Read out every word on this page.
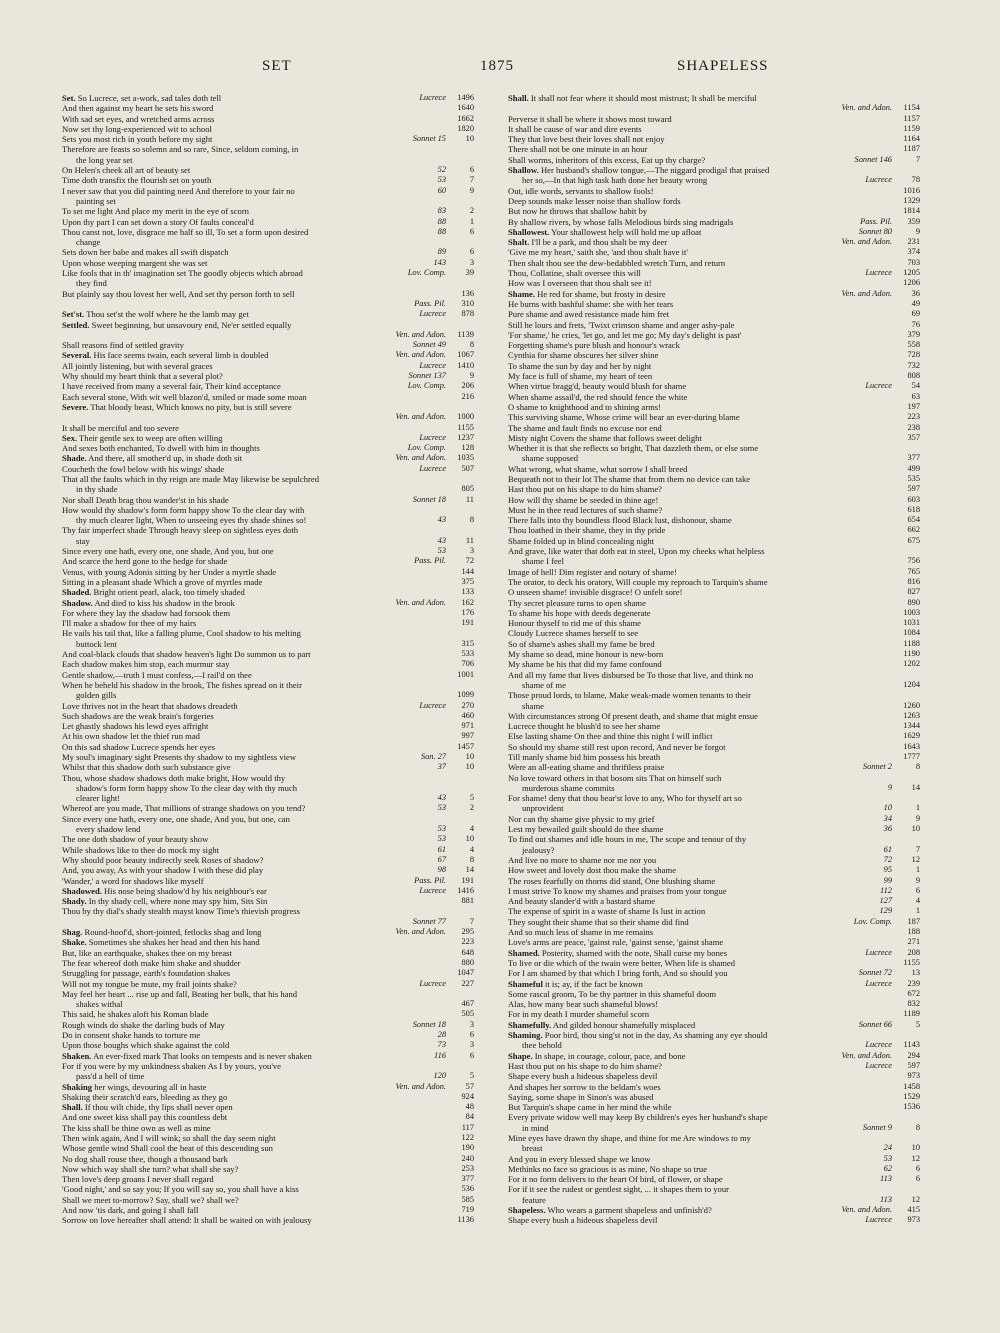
SET	1875	SHAPELESS
Set. So Lucrece, set a-work, sad tales doth tell	Lucrece	1496
And then against my heart he sets his sword	1640
With sad set eyes, and wretched arms across	1662
Now set thy long-experienced wit to school	1820
Sets you most rich in youth before my sight	Sonnet 15	10
Therefore are feasts so solemn and so rare, Since, seldom coming, in
the long year set
On Helen's cheek all art of beauty set	52	6
Time doth transfix the flourish set on youth	53	7
I never saw that you did painting need And therefore to your fair no	60	9
painting set
To set me light And place my merit in the eye of scorn	83	2
Upon thy part I can set down a story Of faults conceal'd	88	1
Thou canst not, love, disgrace me half so ill, To set a form upon desired	88	6
change
Sets down her babe and makes all swift dispatch	89	6
Upon whose weeping margent she was set	143	3
Like fools that in th' imagination set The goodly objects which abroad	Lov. Comp.	39
they find
But plainly say thou lovest her well, And set thy person forth to sell	136
Pass. Pil.	310
Set'st. Thou set'st the wolf where he the lamb may get	Lucrece	878
Settled. Sweet beginning, but unsavoury end, Ne'er settled equally
Ven. and Adon.	1139
Shall reasons find of settled gravity	Sonnet 49	8
Several. His face seems twain, each several limb is doubled	Ven. and Adon.	1067
All jointly listening, but with several graces	Lucrece	1410
Why should my heart think that a several plot?	Sonnet 137	9
I have received from many a several fair, Their kind acceptance	Lov. Comp.	206
Each several stone, With wit well blazon'd, smiled or made some moan	216
Severe. That bloody beast, Which knows no pity, but is still severe
Ven. and Adon.	1000
It shall be merciful and too severe	1155
Sex. Their gentle sex to weep are often willing	Lucrece	1237
And sexes both enchanted, To dwell with him in thoughts	Lov. Comp.	128
Shade. And there, all smother'd up, in shade doth sit	Ven. and Adon.	1035
Coucheth the fowl below with his wings' shade	Lucrece	507
That all the faults which in thy reign are made May likewise be sepulchred
in thy shade	805
Nor shall Death brag thou wander'st in his shade	Sonnet 18	11
How would thy shadow's form form happy show To the clear day with
thy much clearer light, When to unseeing eyes thy shade shines so!	43	8
Thy fair imperfect shade Through heavy sleep on sightless eyes doth
stay	43	11
Since every one hath, every one, one shade, And you, but one	53	3
And scarce the herd gone to the hedge for shade	Pass. Pil.	72
Venus, with young Adonis sitting by her Under a myrtle shade	144
Sitting in a pleasant shade Which a grove of myrtles made	375
Shaded. Bright orient pearl, alack, too timely shaded	133
Shadow. And died to kiss his shadow in the brook	Ven. and Adon.	162
For where they lay the shadow had forsook them	176
I'll make a shadow for thee of my hairs	191
He vails his tail that, like a falling plume, Cool shadow to his melting
buttock lent	315
And coal-black clouds that shadow heaven's light Do summon us to part	533
Each shadow makes him stop, each murmur stay	706
Gentle shadow,—truth I must confess,—I rail'd on thee	1001
When he beheld his shadow in the brook, The fishes spread on it their
golden gills	1099
Love thrives not in the heart that shadows dreadeth	Lucrece	270
Such shadows are the weak brain's forgeries	460
Let ghastly shadows his lewd eyes affright	971
At his own shadow let the thief run mad	997
On this sad shadow Lucrece spends her eyes	1457
My soul's imaginary sight Presents thy shadow to my sightless view	Son. 27	10
Whilst that this shadow doth such substance give	37	10
Thou, whose shadow shadows doth make bright, How would thy
shadow's form form happy show To the clear day with thy much
clearer light!	43	5
Whereof are you made, That millions of strange shadows on you tend?	53	2
Since every one hath, every one, one shade, And you, but one, can
every shadow lend	53	4
The one doth shadow of your beauty show	53	10
While shadows like to thee do mock my sight	61	4
Why should poor beauty indirectly seek Roses of shadow?	67	8
And, you away, As with your shadow I with these did play	98	14
'Wander,' a word for shadows like myself	Pass. Pil.	191
Shadowed. His nose being shadow'd by his neighbour's ear	Lucrece	1416
Shady. In thy shady cell, where none may spy him, Sits Sin	881
Thou by thy dial's shady stealth mayst know Time's thievish progress
Sonnet 77	7
Shag. Round-hoof'd, short-jointed, fetlocks shag and long	Ven. and Adon.	295
Shake. Sometimes she shakes her head and then his hand	223
But, like an earthquake, shakes thee on my breast	648
The fear whereof doth make him shake and shudder	880
Struggling for passage, earth's foundation shakes	1047
Will not my tongue be mute, my frail joints shake?	Lucrece	227
May feel her heart ... rise up and fall, Beating her bulk, that his hand
shakes withal	467
This said, he shakes aloft his Roman blade	505
Rough winds do shake the darling buds of May	Sonnet 18	3
Do in consent shake hands to torture me	28	6
Upon those boughs which shake against the cold	73	3
Shaken. An ever-fixed mark That looks on tempests and is never shaken	116	6
For if you were by my unkindness shaken As I by yours, you've
pass'd a hell of time	120	5
Shaking her wings, devouring all in haste	Ven. and Adon.	57
Shaking their scratch'd ears, bleeding as they go	924
Shall. If thou wilt chide, thy lips shall never open	48
And one sweet kiss shall pay this countless debt	84
The kiss shall be thine own as well as mine	117
Then wink again, And I will wink; so shall the day seem night	122
Whose gentle wind Shall cool the heat of this descending sun	190
No dog shall rouse thee, though a thousand bark	240
Now which way shall she turn? what shall she say?	253
Then love's deep groans I never shall regard	377
'Good night,' and so say you; If you will say so, you shall have a kiss	536
Shall we meet to-morrow? Say, shall we? shall we?	585
And now 'tis dark, and going I shall fall	719
Sorrow on love hereafter shall attend: It shall be waited on with jealousy	1136
Shall. It shall not fear where it should most mistrust; It shall be merciful
Ven. and Adon.	1154
Perverse it shall be where it shows most toward	1157
It shall be cause of war and dire events	1159
They that love best their loves shall not enjoy	1164
There shall not be one minute in an hour	1187
Shall worms, inheritors of this excess, Eat up thy charge?	Sonnet 146	7
Shallow. Her husband's shallow tongue,—The niggard prodigal that praised
her so,—In that high task hath done her beauty wrong	Lucrece	78
Out, idle words, servants to shallow fools!	1016
Deep sounds make lesser noise than shallow fords	1329
But now he throws that shallow habit by	1814
By shallow rivers, by whose falls Melodious birds sing madrigals	Pass. Pil.	359
Shallowest. Your shallowest help will hold me up afloat	Sonnet 80	9
Shalt. I'll be a park, and thou shalt be my deer	Ven. and Adon.	231
'Give me my heart,' saith she, 'and thou shalt have it'	374
Then shalt thou see the dew-bedabbled wretch Turn, and return	703
Thou, Collatine, shalt oversee this will	Lucrece	1205
How was I overseen that thou shalt see it!	1206
Shame. He red for shame, but frosty in desire	Ven. and Adon.	36
He burns with bashful shame: she with her tears	49
Pure shame and awed resistance made him fret	69
Still he lours and frets, 'Twixt crimson shame and anger ashy-pale	76
'For shame,' he cries, 'let go, and let me go; My day's delight is past'	379
Forgetting shame's pure blush and honour's wrack	558
Cynthia for shame obscures her silver shine	728
To shame the sun by day and her by night	732
My face is full of shame, my heart of teen	808
When virtue bragg'd, beauty would blush for shame	Lucrece	54
When shame assail'd, the red should fence the white	63
O shame to knighthood and to shining arms!	197
This surviving shame, Whose crime will bear an ever-during blame	223
The shame and fault finds no excuse nor end	238
Misty night Covers the shame that follows sweet delight	357
Whether it is that she reflects so bright, That dazzleth them, or else some
shame supposed	377
What wrong, what shame, what sorrow I shall breed	499
Bequeath not to their lot The shame that from them no device can take	535
Hast thou put on his shape to do him shame?	597
How will thy shame be seeded in thine age!	603
Must he in thee read lectures of such shame?	618
There falls into thy boundless flood Black lust, dishonour, shame	654
Thou loathed in their shame, they in thy pride	662
Shame folded up in blind concealing night	675
And grave, like water that doth eat in steel, Upon my cheeks what helpless
shame I feel	756
Image of hell! Dim register and notary of shame!	765
The orator, to deck his oratory, Will couple my reproach to Tarquin's shame	816
O unseen shame! invisible disgrace! O unfelt sore!	827
Thy secret pleasure turns to open shame	890
To shame his hope with deeds degenerate	1003
Honour thyself to rid me of this shame	1031
Cloudy Lucrece shames herself to see	1084
So of shame's ashes shall my fame be bred	1188
My shame so dead, mine honour is new-born	1190
My shame be his that did my fame confound	1202
And all my fame that lives disbursed be To those that live, and think no
shame of me	1204
Those proud lords, to blame, Make weak-made women tenants to their
shame	1260
With circumstances strong Of present death, and shame that might ensue	1263
Lucrece thought he blush'd to see her shame	1344
Else lasting shame On thee and thine this night I will inflict	1629
So should my shame still rest upon record, And never be forgot	1643
Till manly shame bid him possess his breath	1777
Were an all-eating shame and thriftless praise	Sonnet 2	8
No love toward others in that bosom sits That on himself such
murderous shame commits	9	14
For shame! deny that thou bear'st love to any, Who for thyself art so
unprovident	10	1
Nor can thy shame give physic to my grief	34	9
Lest my bewailed guilt should do thee shame	36	10
To find out shames and idle hours in me, The scope and tenour of thy
jealousy?	61	7
And live no more to shame nor me nor you	72	12
How sweet and lovely dost thou make the shame	95	1
The roses fearfully on thorns did stand, One blushing shame	99	9
I must strive To know my shames and praises from your tongue	112	6
And beauty slander'd with a bastard shame	127	4
The expense of spirit in a waste of shame Is lust in action	129	1
They sought their shame that so their shame did find	Lov. Comp.	187
And so much less of shame in me remains	188
Love's arms are peace, 'gainst rule, 'gainst sense, 'gainst shame	271
Shamed. Posterity, shamed with the note, Shall curse my bones	Lucrece	208
To live or die which of the twain were better, When life is shamed	1155
For I am shamed by that which I bring forth, And so should you	Sonnet 72	13
Shameful it is; ay, if the fact be known	Lucrece	239
Some rascal groom, To be thy partner in this shameful doom	672
Alas, how many bear such shameful blows!	832
For in my death I murder shameful scorn	1189
Shamefully. And gilded honour shamefully misplaced	Sonnet 66	5
Shaming. Poor bird, thou sing'st not in the day, As shaming any eye should
thee behold	Lucrece	1143
Shape. In shape, in courage, colour, pace, and bone	Ven. and Adon.	294
Hast thou put on his shape to do him shame?	Lucrece	597
Shape every bush a hideous shapeless devil	973
And shapes her sorrow to the beldam's woes	1458
Saying, some shape in Sinon's was abused	1529
But Tarquin's shape came in her mind the while	1536
Every private widow well may keep By children's eyes her husband's shape
in mind	Sonnet 9	8
Mine eyes have drawn thy shape, and thine for me Are windows to my
breast	24	10
And you in every blessed shape we know	53	12
Methinks no face so gracious is as mine, No shape so true	62	6
For it no form delivers to the heart Of bird, of flower, or shape	113	6
For if it see the rudest or gentlest sight, ... it shapes them to your
feature	113	12
Shapeless. Who wears a garment shapeless and unfinish'd?	Ven. and Adon.	415
Shape every bush a hideous shapeless devil	Lucrece	973
